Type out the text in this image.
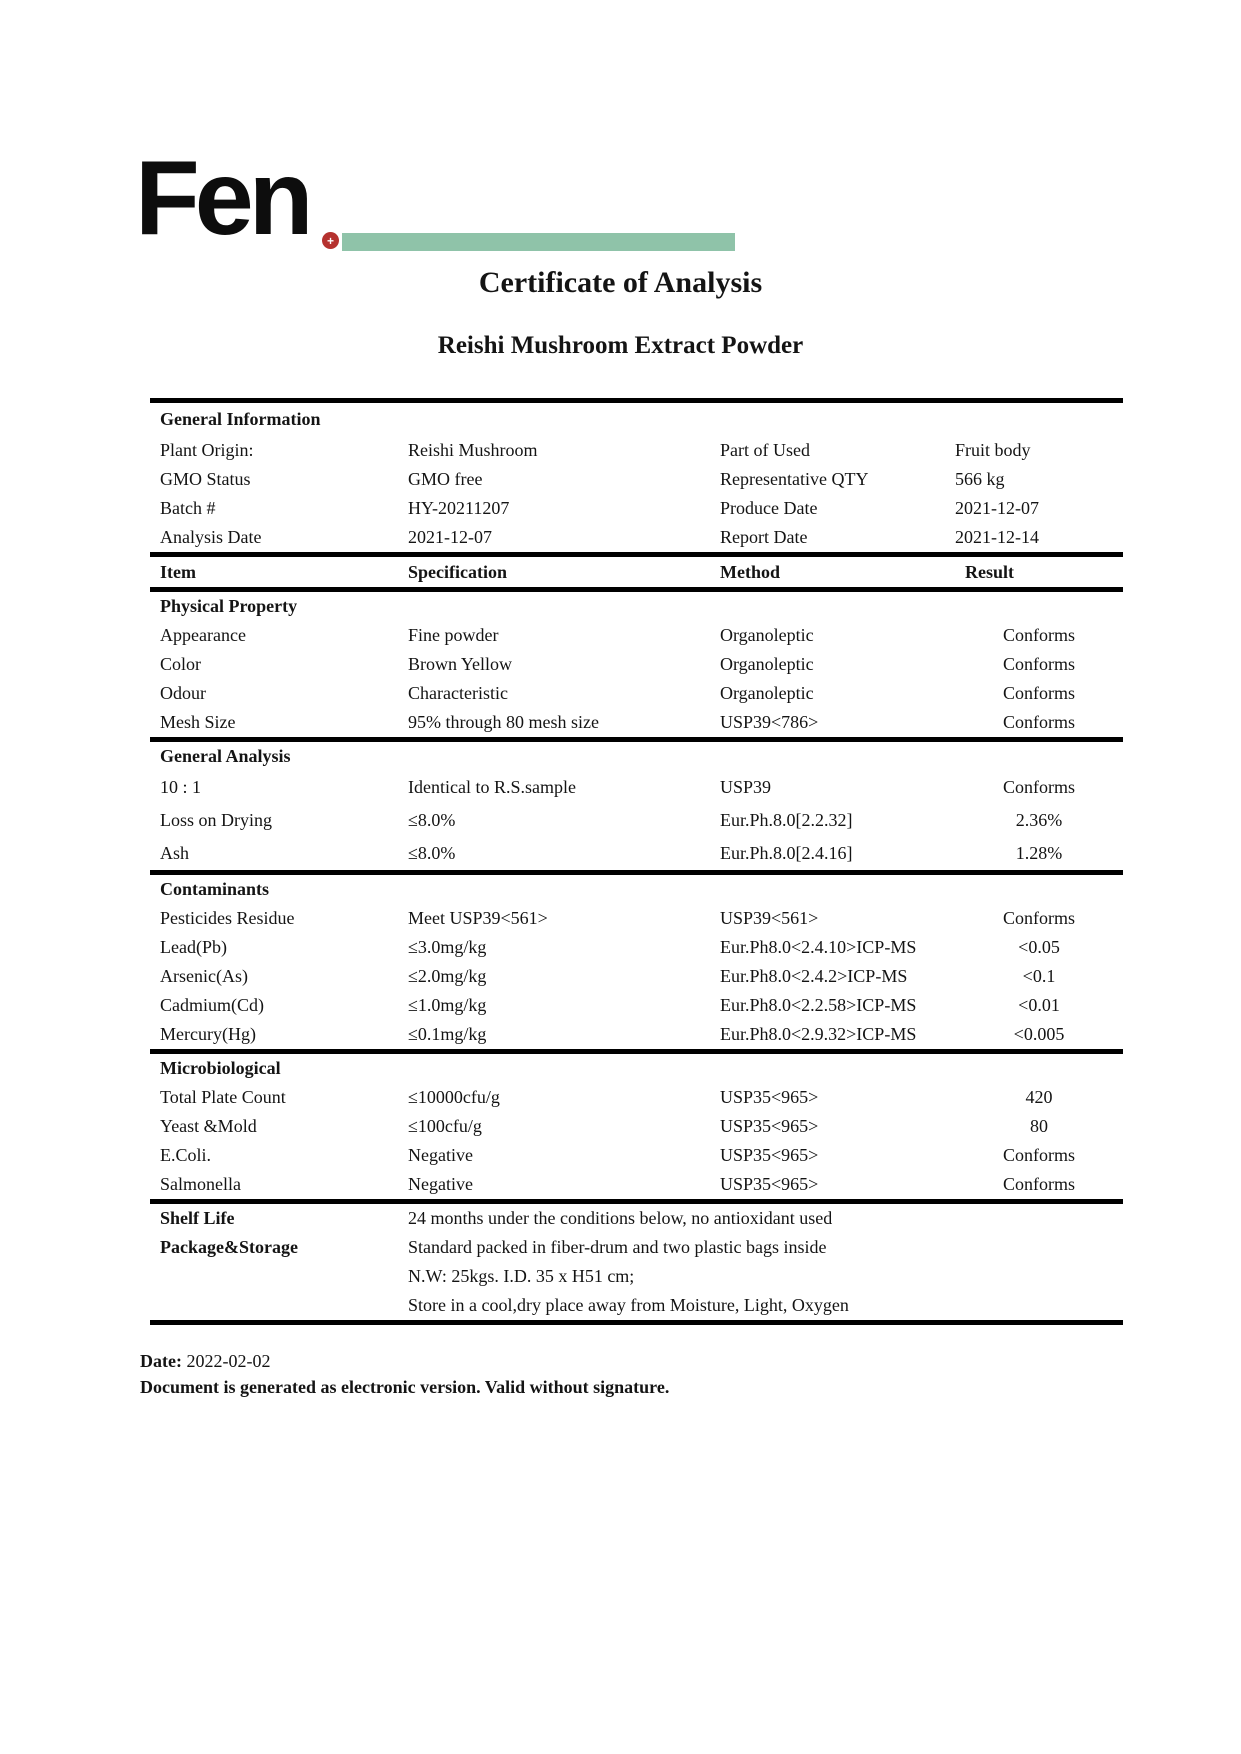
Fen	+
Certificate of Analysis
Reishi Mushroom Extract Powder
General Information
Plant Origin:	Reishi Mushroom	Part of Used	Fruit body
GMO Status	GMO free	Representative QTY	566 kg
Batch #	HY-20211207	Produce Date	2021-12-07
Analysis Date	2021-12-07	Report Date	2021-12-14
Item	Specification	Method	Result
Physical Property
Appearance	Fine powder	Organoleptic	Conforms
Color	Brown Yellow	Organoleptic	Conforms
Odour	Characteristic	Organoleptic	Conforms
Mesh Size	95% through 80 mesh size	USP39<786>	Conforms
General Analysis
10 : 1	Identical to R.S.sample	USP39	Conforms
Loss on Drying	≤8.0%	Eur.Ph.8.0[2.2.32]	2.36%
Ash	≤8.0%	Eur.Ph.8.0[2.4.16]	1.28%
Contaminants
Pesticides Residue	Meet USP39<561>	USP39<561>	Conforms
Lead(Pb)	≤3.0mg/kg	Eur.Ph8.0<2.4.10>ICP-MS	<0.05
Arsenic(As)	≤2.0mg/kg	Eur.Ph8.0<2.4.2>ICP-MS	<0.1
Cadmium(Cd)	≤1.0mg/kg	Eur.Ph8.0<2.2.58>ICP-MS	<0.01
Mercury(Hg)	≤0.1mg/kg	Eur.Ph8.0<2.9.32>ICP-MS	<0.005
Microbiological
Total Plate Count	≤10000cfu/g	USP35<965>	420
Yeast &Mold	≤100cfu/g	USP35<965>	80
E.Coli.	Negative	USP35<965>	Conforms
Salmonella	Negative	USP35<965>	Conforms
Shelf Life	24 months under the conditions below, no antioxidant used
Package&Storage	Standard packed in fiber-drum and two plastic bags inside
N.W: 25kgs. I.D. 35 x H51 cm;
Store in a cool,dry place away from Moisture, Light, Oxygen
Date: 2022-02-02
Document is generated as electronic version. Valid without signature.
